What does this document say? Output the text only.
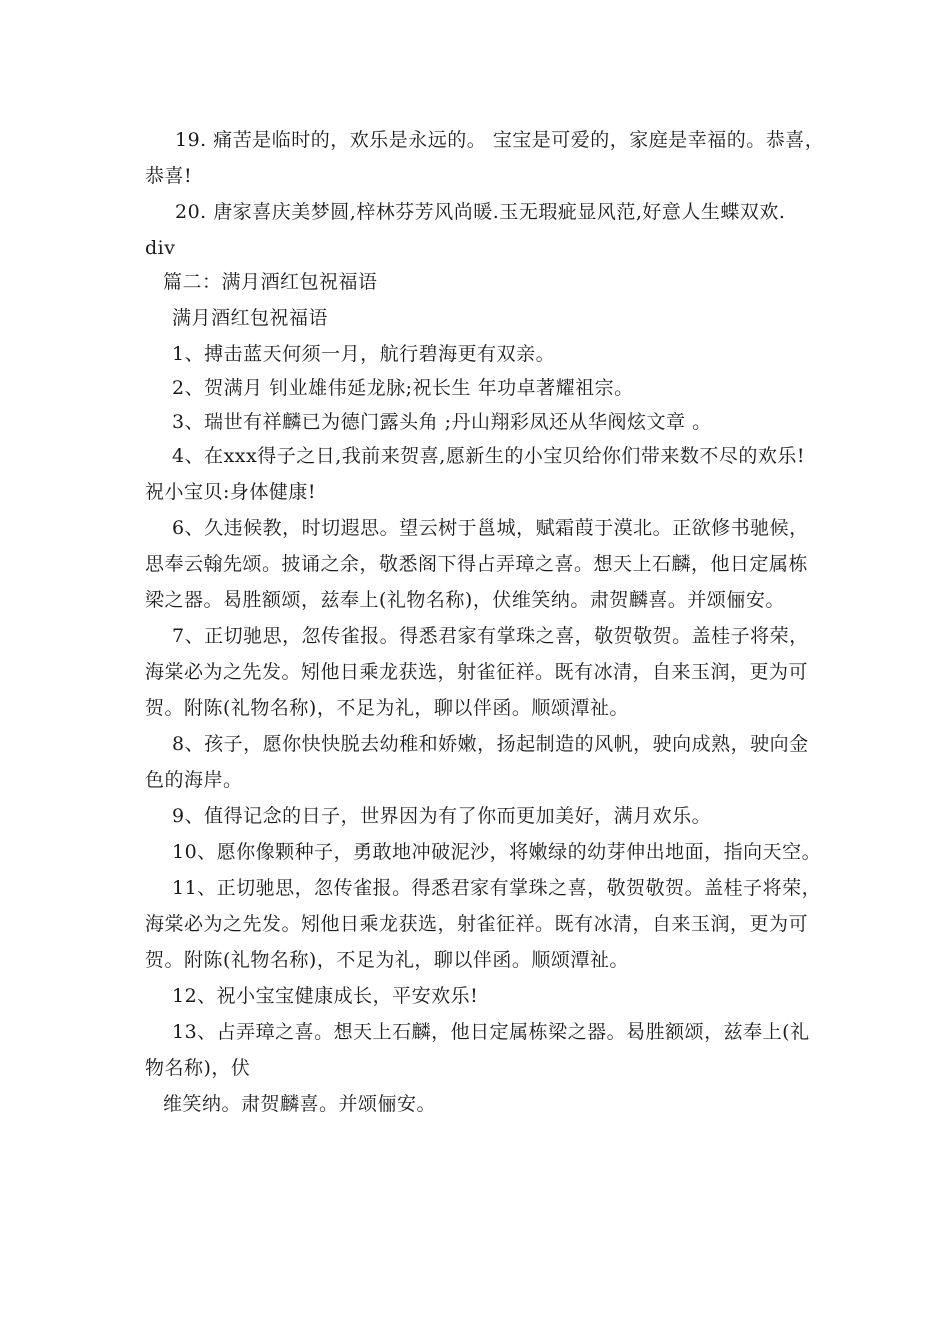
19. 痛苦是临时的，欢乐是永远的。 宝宝是可爱的，家庭是幸福的。恭喜，
恭喜!
20. 唐家喜庆美梦圆,梓林芬芳风尚暖.玉无瑕疵显风范,好意人生蝶双欢.
div
篇二：满月酒红包祝福语
满月酒红包祝福语
1、搏击蓝天何须一月，航行碧海更有双亲。
2、贺满月 钊业雄伟延龙脉;祝长生 年功卓著耀祖宗。
3、瑞世有祥麟已为德门露头角 ;丹山翔彩凤还从华阀炫文章 。
4、在xxx得子之日,我前来贺喜,愿新生的小宝贝给你们带来数不尽的欢乐!
祝小宝贝:身体健康!
6、久违候教，时切遐思。望云树于邕城，赋霜葭于漠北。正欲修书驰候，
思奉云翰先颂。披诵之余，敬悉阁下得占弄璋之喜。想天上石麟，他日定属栋
梁之器。曷胜额颂，兹奉上(礼物名称)，伏维笑纳。肃贺麟喜。并颂俪安。
7、正切驰思，忽传雀报。得悉君家有掌珠之喜，敬贺敬贺。盖桂子将荣，
海棠必为之先发。矧他日乘龙获选，射雀征祥。既有冰清，自来玉润，更为可
贺。附陈(礼物名称)，不足为礼，聊以伴函。顺颂潭祉。
8、孩子，愿你快快脱去幼稚和娇嫩，扬起制造的风帆，驶向成熟，驶向金
色的海岸。
9、值得记念的日子，世界因为有了你而更加美好，满月欢乐。
10、愿你像颗种子，勇敢地冲破泥沙，将嫩绿的幼芽伸出地面，指向天空。
11、正切驰思，忽传雀报。得悉君家有掌珠之喜，敬贺敬贺。盖桂子将荣，
海棠必为之先发。矧他日乘龙获选，射雀征祥。既有冰清，自来玉润，更为可
贺。附陈(礼物名称)，不足为礼，聊以伴函。顺颂潭祉。
12、祝小宝宝健康成长，平安欢乐!
13、占弄璋之喜。想天上石麟，他日定属栋梁之器。曷胜额颂，兹奉上(礼
物名称)，伏
维笑纳。肃贺麟喜。并颂俪安。
